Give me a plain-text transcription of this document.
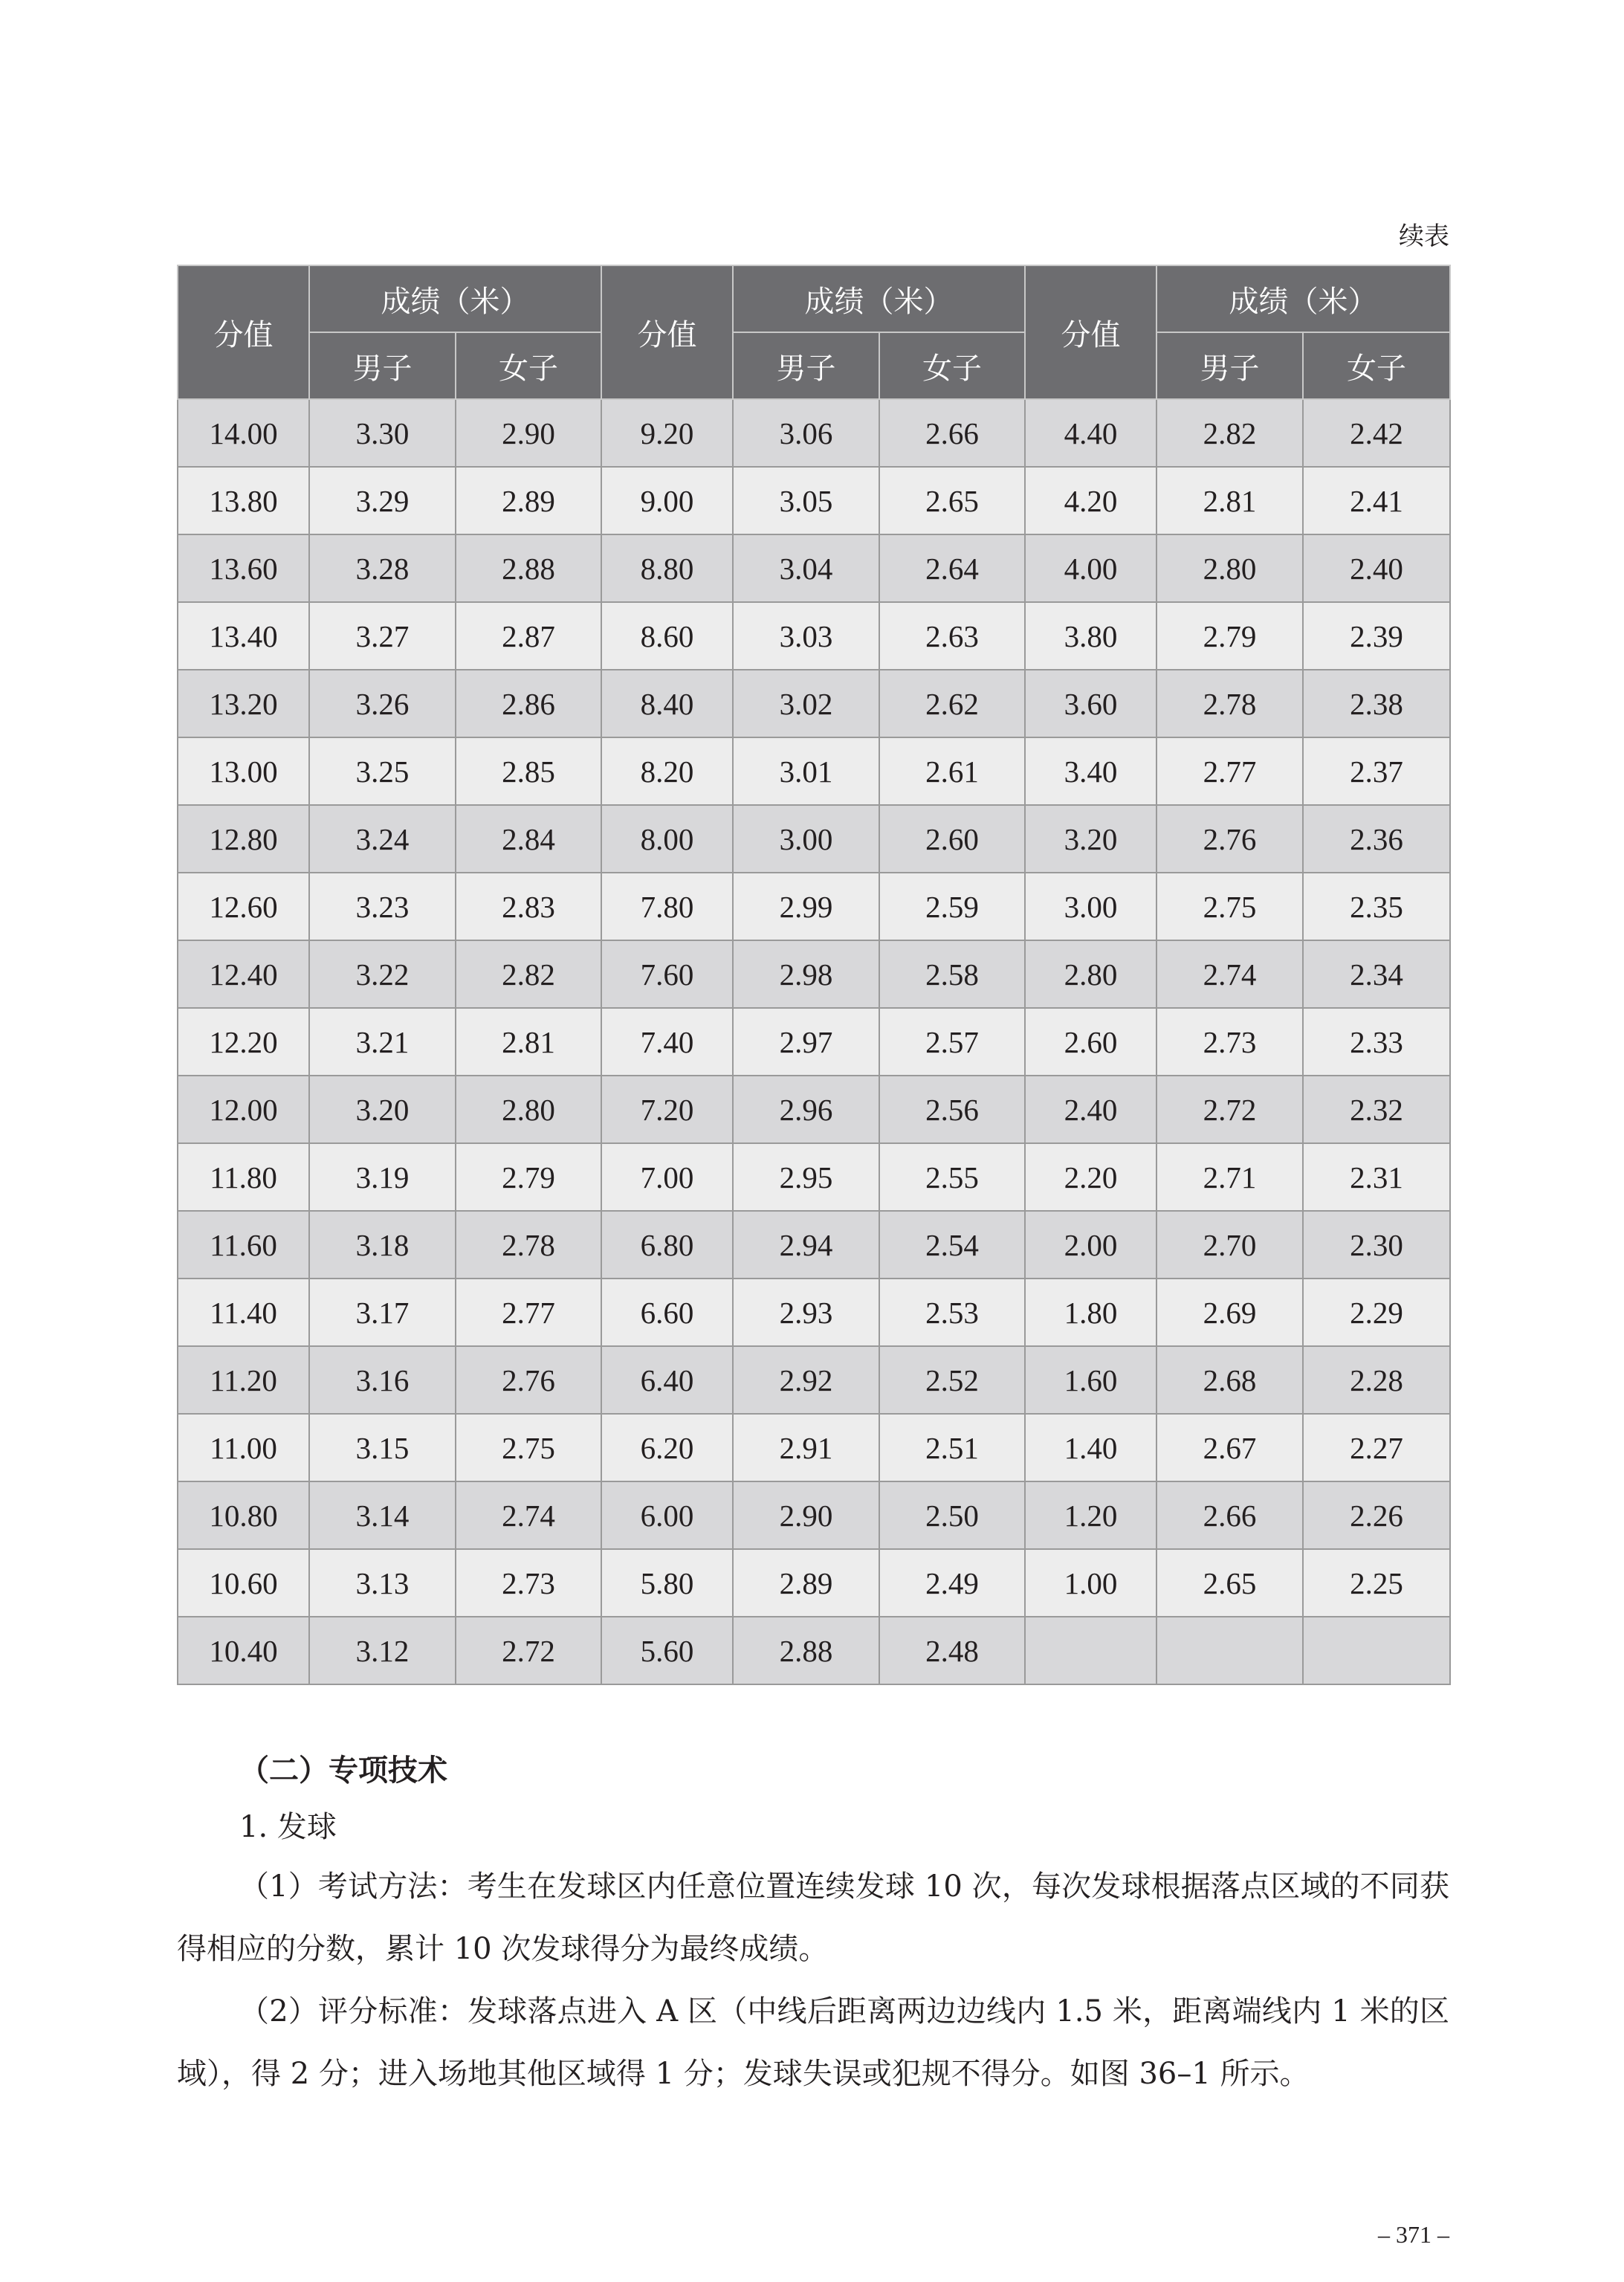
续表
分值	成绩（米）		分值	成绩（米）		分值	成绩（米）	
	男子	女子		男子	女子		男子	女子
14.00	3.30	2.90	9.20	3.06	2.66	4.40	2.82	2.42
13.80	3.29	2.89	9.00	3.05	2.65	4.20	2.81	2.41
13.60	3.28	2.88	8.80	3.04	2.64	4.00	2.80	2.40
13.40	3.27	2.87	8.60	3.03	2.63	3.80	2.79	2.39
13.20	3.26	2.86	8.40	3.02	2.62	3.60	2.78	2.38
13.00	3.25	2.85	8.20	3.01	2.61	3.40	2.77	2.37
12.80	3.24	2.84	8.00	3.00	2.60	3.20	2.76	2.36
12.60	3.23	2.83	7.80	2.99	2.59	3.00	2.75	2.35
12.40	3.22	2.82	7.60	2.98	2.58	2.80	2.74	2.34
12.20	3.21	2.81	7.40	2.97	2.57	2.60	2.73	2.33
12.00	3.20	2.80	7.20	2.96	2.56	2.40	2.72	2.32
11.80	3.19	2.79	7.00	2.95	2.55	2.20	2.71	2.31
11.60	3.18	2.78	6.80	2.94	2.54	2.00	2.70	2.30
11.40	3.17	2.77	6.60	2.93	2.53	1.80	2.69	2.29
11.20	3.16	2.76	6.40	2.92	2.52	1.60	2.68	2.28
11.00	3.15	2.75	6.20	2.91	2.51	1.40	2.67	2.27
10.80	3.14	2.74	6.00	2.90	2.50	1.20	2.66	2.26
10.60	3.13	2.73	5.80	2.89	2.49	1.00	2.65	2.25
10.40	3.12	2.72	5.60	2.88	2.48			
（二）专项技术
1. 发球
（1）考试方法：考生在发球区内任意位置连续发球 10 次，每次发球根据落点区域的不同获得相应的分数，累计 10 次发球得分为最终成绩。
（2）评分标准：发球落点进入 A 区（中线后距离两边边线内 1.5 米，距离端线内 1 米的区域），得 2 分；进入场地其他区域得 1 分；发球失误或犯规不得分。如图 36–1 所示。
– 371 –
